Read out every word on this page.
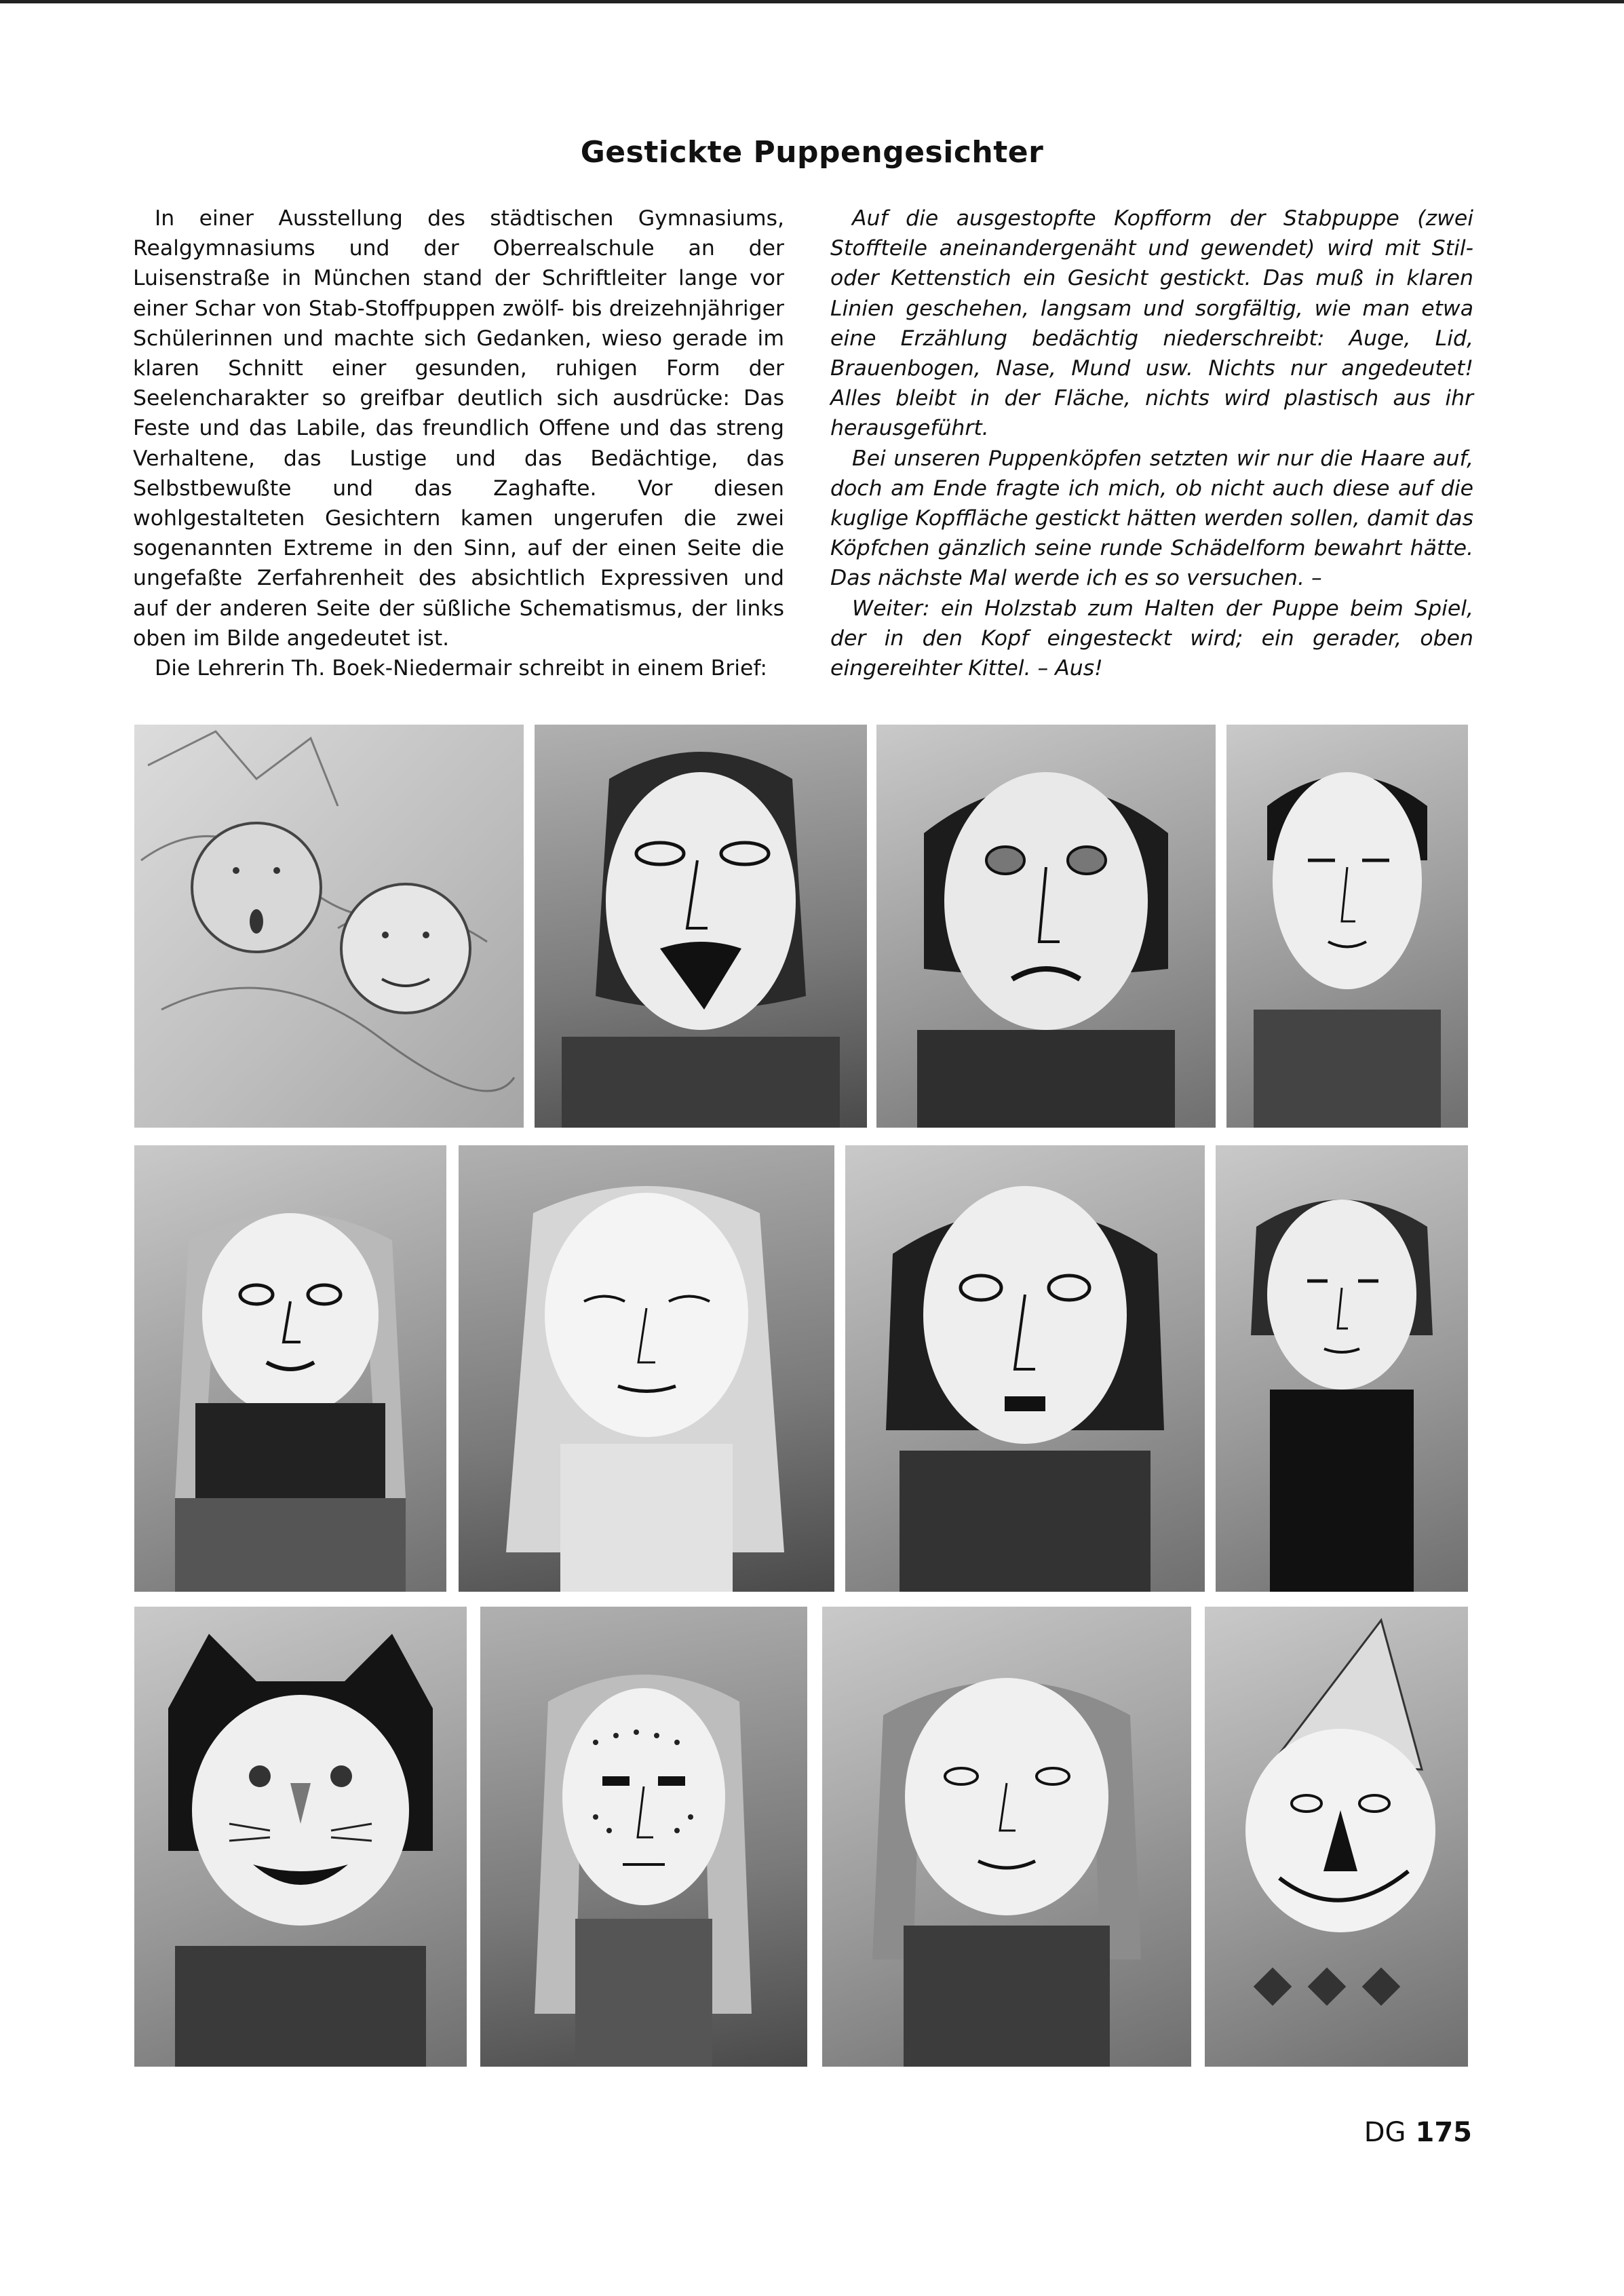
Gestickte Puppengesichter

In einer Ausstellung des städtischen Gymnasiums, Realgymnasiums und der Oberrealschule an der Luisenstraße in München stand der Schriftleiter lange vor einer Schar von Stab-Stoffpuppen zwölf- bis dreizehnjähriger Schülerinnen und machte sich Gedanken, wieso gerade im klaren Schnitt einer gesunden, ruhigen Form der Seelencharakter so greifbar deutlich sich ausdrücke: Das Feste und das Labile, das freundlich Offene und das streng Verhaltene, das Lustige und das Bedächtige, das Selbstbewußte und das Zaghafte. Vor diesen wohlgestalteten Gesichtern kamen ungerufen die zwei sogenannten Extreme in den Sinn, auf der einen Seite die ungefaßte Zerfahrenheit des absichtlich Expressiven und auf der anderen Seite der süßliche Schematismus, der links oben im Bilde angedeutet ist.

Die Lehrerin Th. Boek-Niedermair schreibt in einem Brief:

Auf die ausgestopfte Kopfform der Stabpuppe (zwei Stoffteile aneinandergenäht und gewendet) wird mit Stil- oder Kettenstich ein Gesicht gestickt. Das muß in klaren Linien geschehen, langsam und sorgfältig, wie man etwa eine Erzählung bedächtig niederschreibt: Auge, Lid, Brauenbogen, Nase, Mund usw. Nichts nur angedeutet! Alles bleibt in der Fläche, nichts wird plastisch aus ihr herausgeführt.

Bei unseren Puppenköpfen setzten wir nur die Haare auf, doch am Ende fragte ich mich, ob nicht auch diese auf die kuglige Kopffläche gestickt hätten werden sollen, damit das Köpfchen gänzlich seine runde Schädelform bewahrt hätte. Das nächste Mal werde ich es so versuchen. –

Weiter: ein Holzstab zum Halten der Puppe beim Spiel, der in den Kopf eingesteckt wird; ein gerader, oben eingereihter Kittel. – Aus!

DG 175
